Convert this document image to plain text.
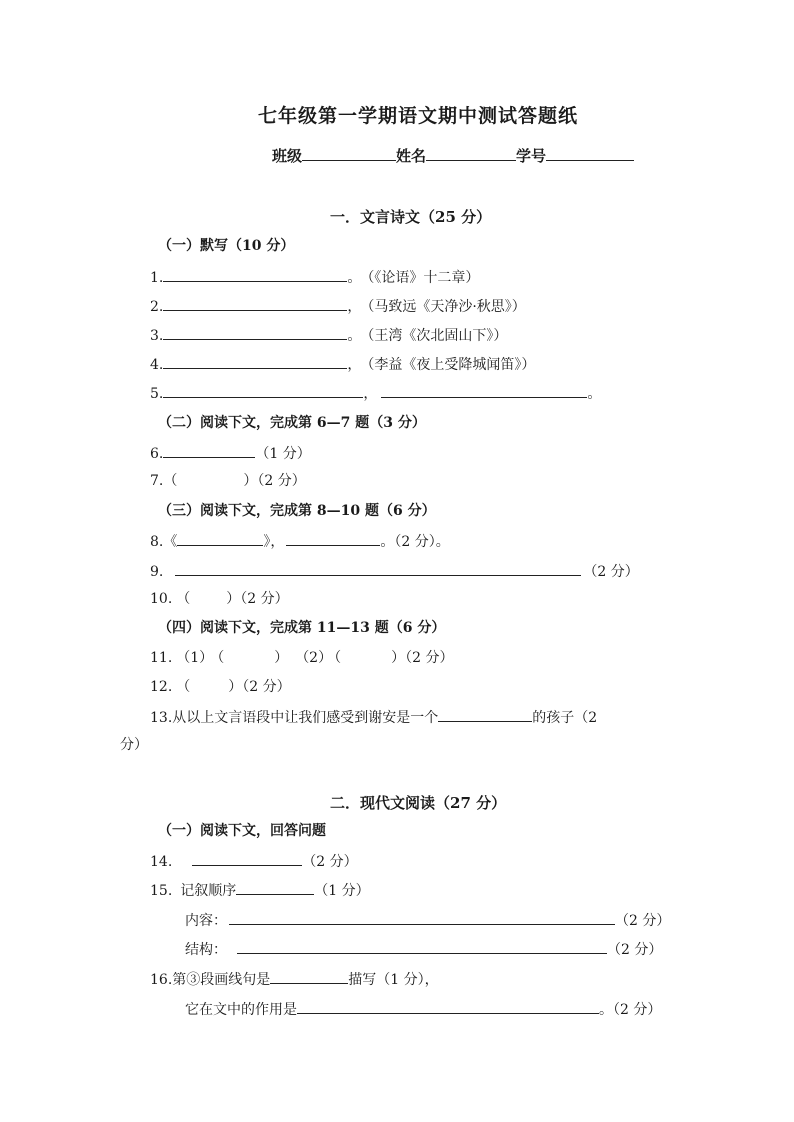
七年级第一学期语文期中测试答题纸
班级	姓名	学号
一．文言诗文（25 分）
（一）默写（10 分）
1.	。 （《论语》十二章）
2.	， （马致远《天净沙·秋思》）
3.	。 （王湾《次北固山下》）
4.	， （李益《夜上受降城闻笛》）
5.	，	。
（二）阅读下文，完成第 6—7 题（3 分）
6.	（1 分）
7.（	）（2 分）
（三）阅读下文，完成第 8—10 题（6 分）
8.《	》，	。（2 分）。
9.	（2 分）
10. （	）（2 分）
（四）阅读下文，完成第 11—13 题（6 分）
11. （1） （	） （2） （	）（2 分）
12. （	）（2 分）
13.从以上文言语段中让我们感受到谢安是一个	的孩子（2
分）
二．现代文阅读（27 分）
（一）阅读下文，回答问题
14.	（2 分）
15. 记叙顺序	（1 分）
内容：	（2 分）
结构：	（2 分）
16.第③段画线句是	描写（1 分），
它在文中的作用是	。（2 分）
